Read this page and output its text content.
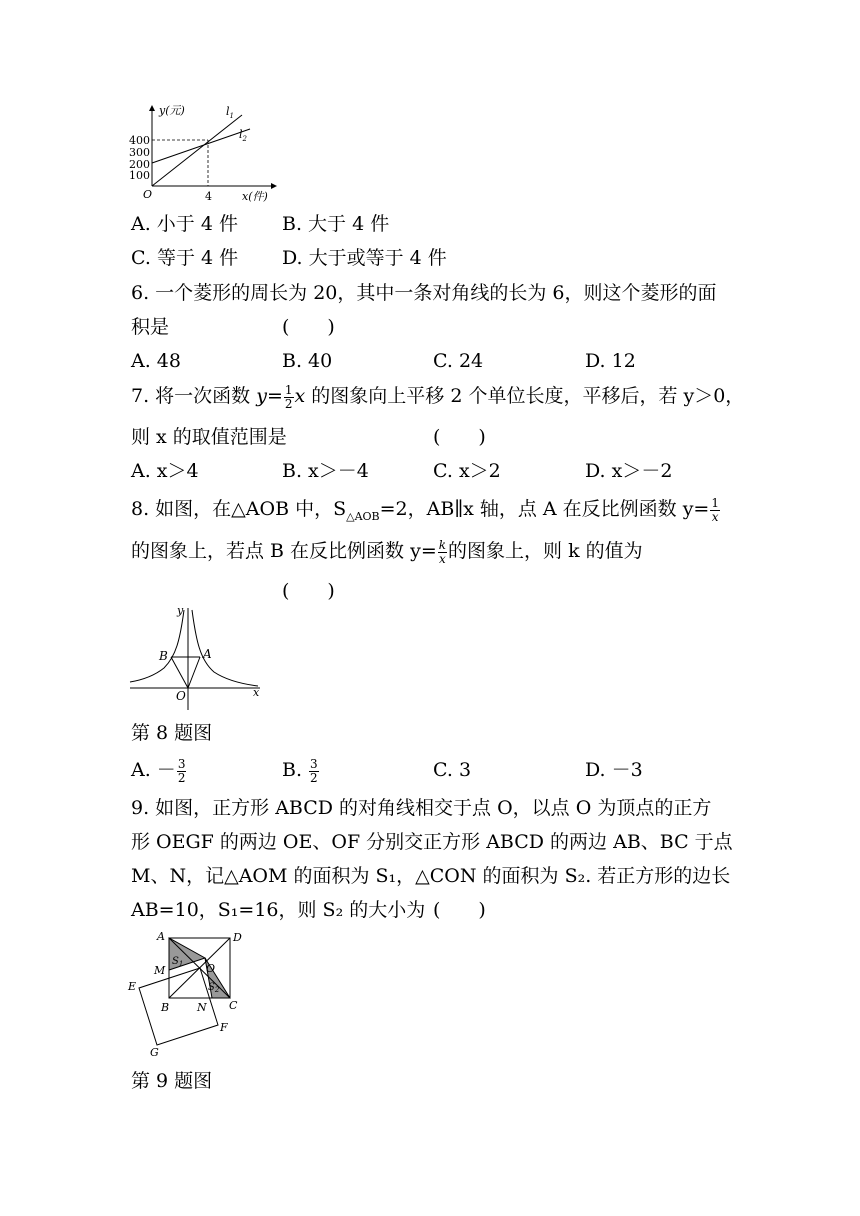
y(元)
x(件)
400
300
200
100
4
O
$l_1$
$l_2$
A. 小于 4 件 B. 大于 4 件
C. 等于 4 件 D. 大于或等于 4 件
6. 一个菱形的周长为 20，其中一条对角线的长为 6，则这个菱形的面
积是	(　　)
A. 48	B. 40	C. 24	D. 12
7. 将一次函数 $y= \frac{1}{2}$ x 的图象向上平移 2 个单位长度，平移后，若 y＞0，
则 x 的取值范围是	(　　)
A. x＞4	B. x＞－4	C. x＞2	D. x＞－2
8. 如图，在△AOB 中，$S_{\triangle AOB}=2$，AB∥x 轴，点 A 在反比例函数 $y= \frac{1}{x}$
的图象上，若点 B 在反比例函数 $y= \frac{k}{x}$ 的图象上，则 k 的值为
(　　)
y
x
O
A
B
第 8 题图
A. － $\frac{3}{2}$	B. $\frac{3}{2}$	C. 3	D. －3
9. 如图，正方形 ABCD 的对角线相交于点 O，以点 O 为顶点的正方
形 OEGF 的两边 OE、OF 分别交正方形 ABCD 的两边 AB、BC 于点
M、N，记△AOM 的面积为 S₁，△CON 的面积为 S₂. 若正方形的边长
AB=10，S₁=16，则 S₂ 的大小为 (　　)
A	D
M	O
E
B	N C
F
G
$S_1$
$S_2$
第 9 题图
